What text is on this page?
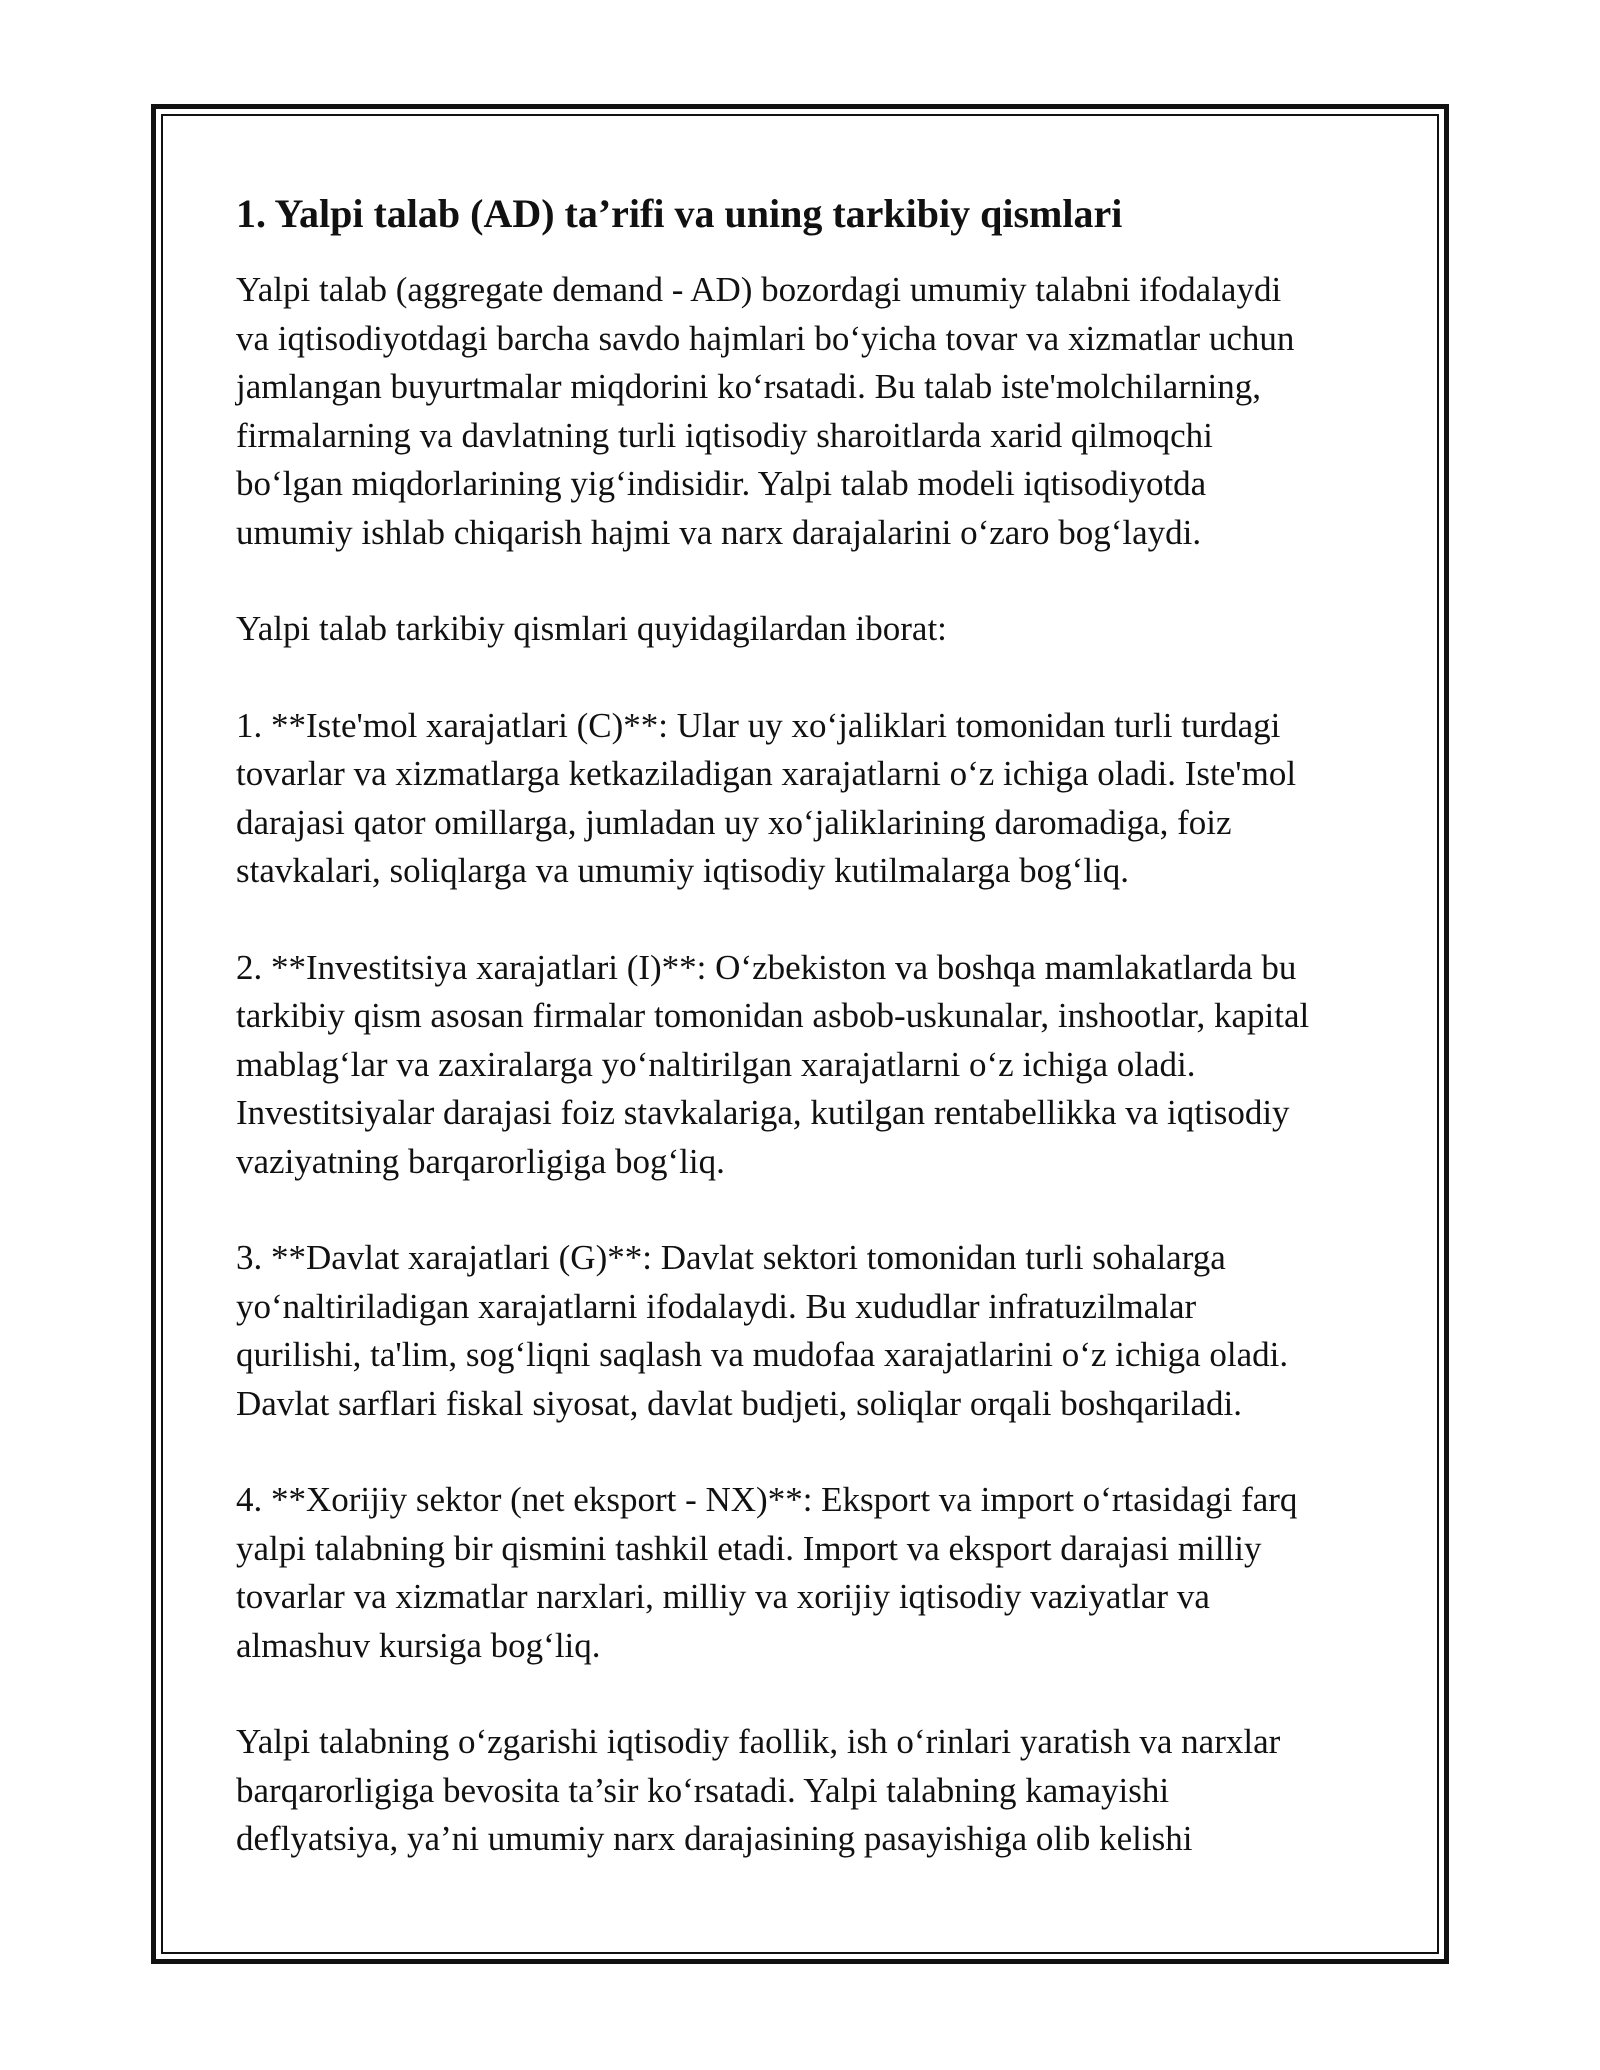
1. Yalpi talab (AD) ta’rifi va uning tarkibiy qismlari

Yalpi talab (aggregate demand - AD) bozordagi umumiy talabni ifodalaydi
va iqtisodiyotdagi barcha savdo hajmlari bo‘yicha tovar va xizmatlar uchun
jamlangan buyurtmalar miqdorini ko‘rsatadi. Bu talab iste'molchilarning,
firmalarning va davlatning turli iqtisodiy sharoitlarda xarid qilmoqchi
bo‘lgan miqdorlarining yig‘indisidir. Yalpi talab modeli iqtisodiyotda
umumiy ishlab chiqarish hajmi va narx darajalarini o‘zaro bog‘laydi.

Yalpi talab tarkibiy qismlari quyidagilardan iborat:

1. **Iste'mol xarajatlari (C)**: Ular uy xo‘jaliklari tomonidan turli turdagi
tovarlar va xizmatlarga ketkaziladigan xarajatlarni o‘z ichiga oladi. Iste'mol
darajasi qator omillarga, jumladan uy xo‘jaliklarining daromadiga, foiz
stavkalari, soliqlarga va umumiy iqtisodiy kutilmalarga bog‘liq.

2. **Investitsiya xarajatlari (I)**: O‘zbekiston va boshqa mamlakatlarda bu
tarkibiy qism asosan firmalar tomonidan asbob-uskunalar, inshootlar, kapital
mablag‘lar va zaxiralarga yo‘naltirilgan xarajatlarni o‘z ichiga oladi.
Investitsiyalar darajasi foiz stavkalariga, kutilgan rentabellikka va iqtisodiy
vaziyatning barqarorligiga bog‘liq.

3. **Davlat xarajatlari (G)**: Davlat sektori tomonidan turli sohalarga
yo‘naltiriladigan xarajatlarni ifodalaydi. Bu xududlar infratuzilmalar
qurilishi, ta'lim, sog‘liqni saqlash va mudofaa xarajatlarini o‘z ichiga oladi.
Davlat sarflari fiskal siyosat, davlat budjeti, soliqlar orqali boshqariladi.

4. **Xorijiy sektor (net eksport - NX)**: Eksport va import o‘rtasidagi farq
yalpi talabning bir qismini tashkil etadi. Import va eksport darajasi milliy
tovarlar va xizmatlar narxlari, milliy va xorijiy iqtisodiy vaziyatlar va
almashuv kursiga bog‘liq.

Yalpi talabning o‘zgarishi iqtisodiy faollik, ish o‘rinlari yaratish va narxlar
barqarorligiga bevosita ta’sir ko‘rsatadi. Yalpi talabning kamayishi
deflyatsiya, ya’ni umumiy narx darajasining pasayishiga olib kelishi
